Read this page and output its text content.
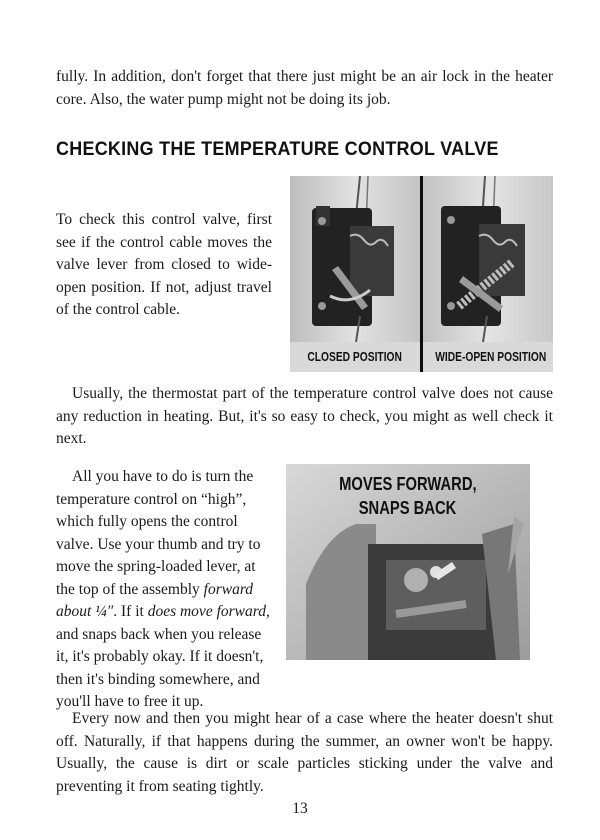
fully. In addition, don't forget that there just might be an air lock in the heater core. Also, the water pump might not be doing its job.

CHECKING THE TEMPERATURE CONTROL VALVE

To check this control valve, first see if the control cable moves the valve lever from closed to wide-open position. If not, adjust travel of the control cable.

CLOSED POSITION	WIDE-OPEN POSITION

Usually, the thermostat part of the temperature control valve does not cause any reduction in heating. But, it's so easy to check, you might as well check it next.

MOVES FORWARD,
SNAPS BACK

All you have to do is turn the temperature control on “high”, which fully opens the control valve. Use your thumb and try to move the spring-loaded lever, at the top of the assembly forward about ¼″. If it does move forward, and snaps back when you release it, it's probably okay. If it doesn't, then it's binding somewhere, and you'll have to free it up.

Every now and then you might hear of a case where the heater doesn't shut off. Naturally, if that happens during the summer, an owner won't be happy. Usually, the cause is dirt or scale particles sticking under the valve and preventing it from seating tightly.

13
